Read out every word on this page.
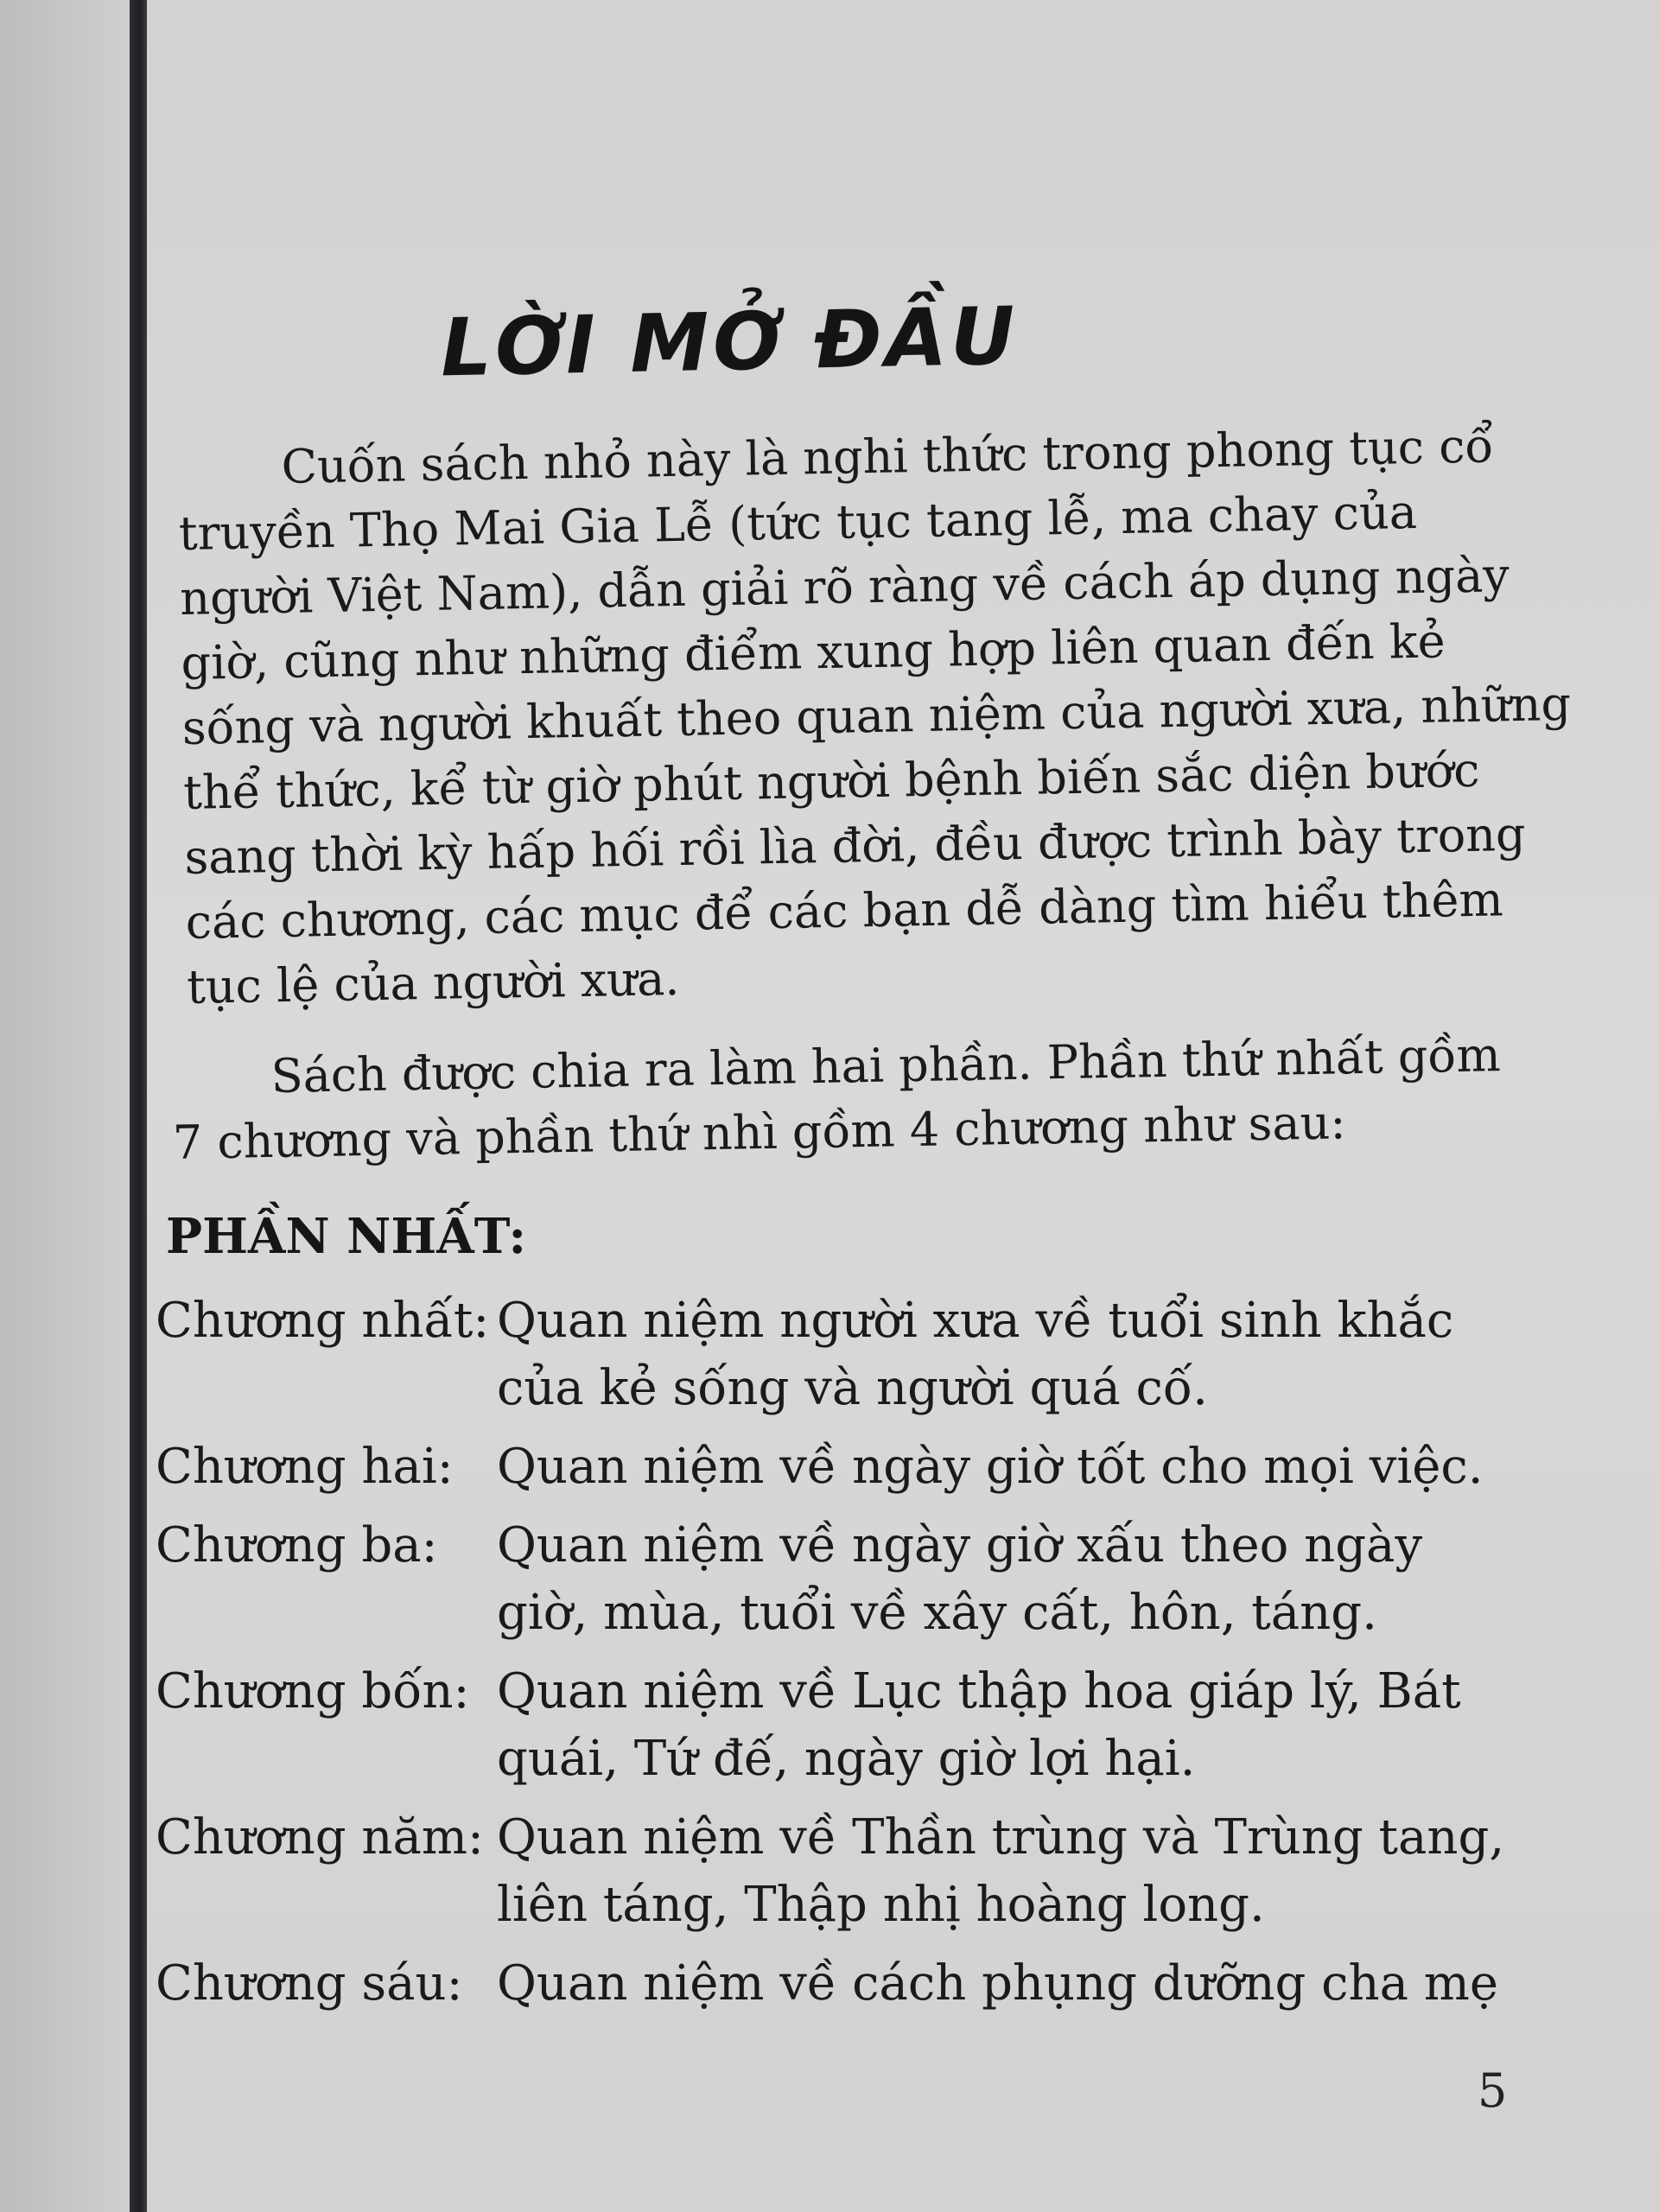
LỜI MỞ ĐẦU

Cuốn sách nhỏ này là nghi thức trong phong tục cổ

truyền Thọ Mai Gia Lễ (tức tục tang lễ, ma chay của

người Việt Nam), dẫn giải rõ ràng về cách áp dụng ngày

giờ, cũng như những điểm xung hợp liên quan đến kẻ

sống và người khuất theo quan niệm của người xưa, những

thể thức, kể từ giờ phút người bệnh biến sắc diện bước

sang thời kỳ hấp hối rồi lìa đời, đều được trình bày trong

các chương, các mục để các bạn dễ dàng tìm hiểu thêm

tục lệ của người xưa.

Sách được chia ra làm hai phần. Phần thứ nhất gồm

7 chương và phần thứ nhì gồm 4 chương như sau:

PHẦN NHẤT:
Chương nhất: Quan niệm người xưa về tuổi sinh khắc của kẻ sống và người quá cố.
Chương hai: Quan niệm về ngày giờ tốt cho mọi việc.
Chương ba:	Quan niệm về ngày giờ xấu theo ngày giờ, mùa, tuổi về xây cất, hôn, táng.
Chương bốn: Quan niệm về Lục thập hoa giáp lý, Bát quái, Tứ đế, ngày giờ lợi hại.
Chương năm: Quan niệm về Thần trùng và Trùng tang, liên táng, Thập nhị hoàng long.
Chương sáu: Quan niệm về cách phụng dưỡng cha mẹ
5
